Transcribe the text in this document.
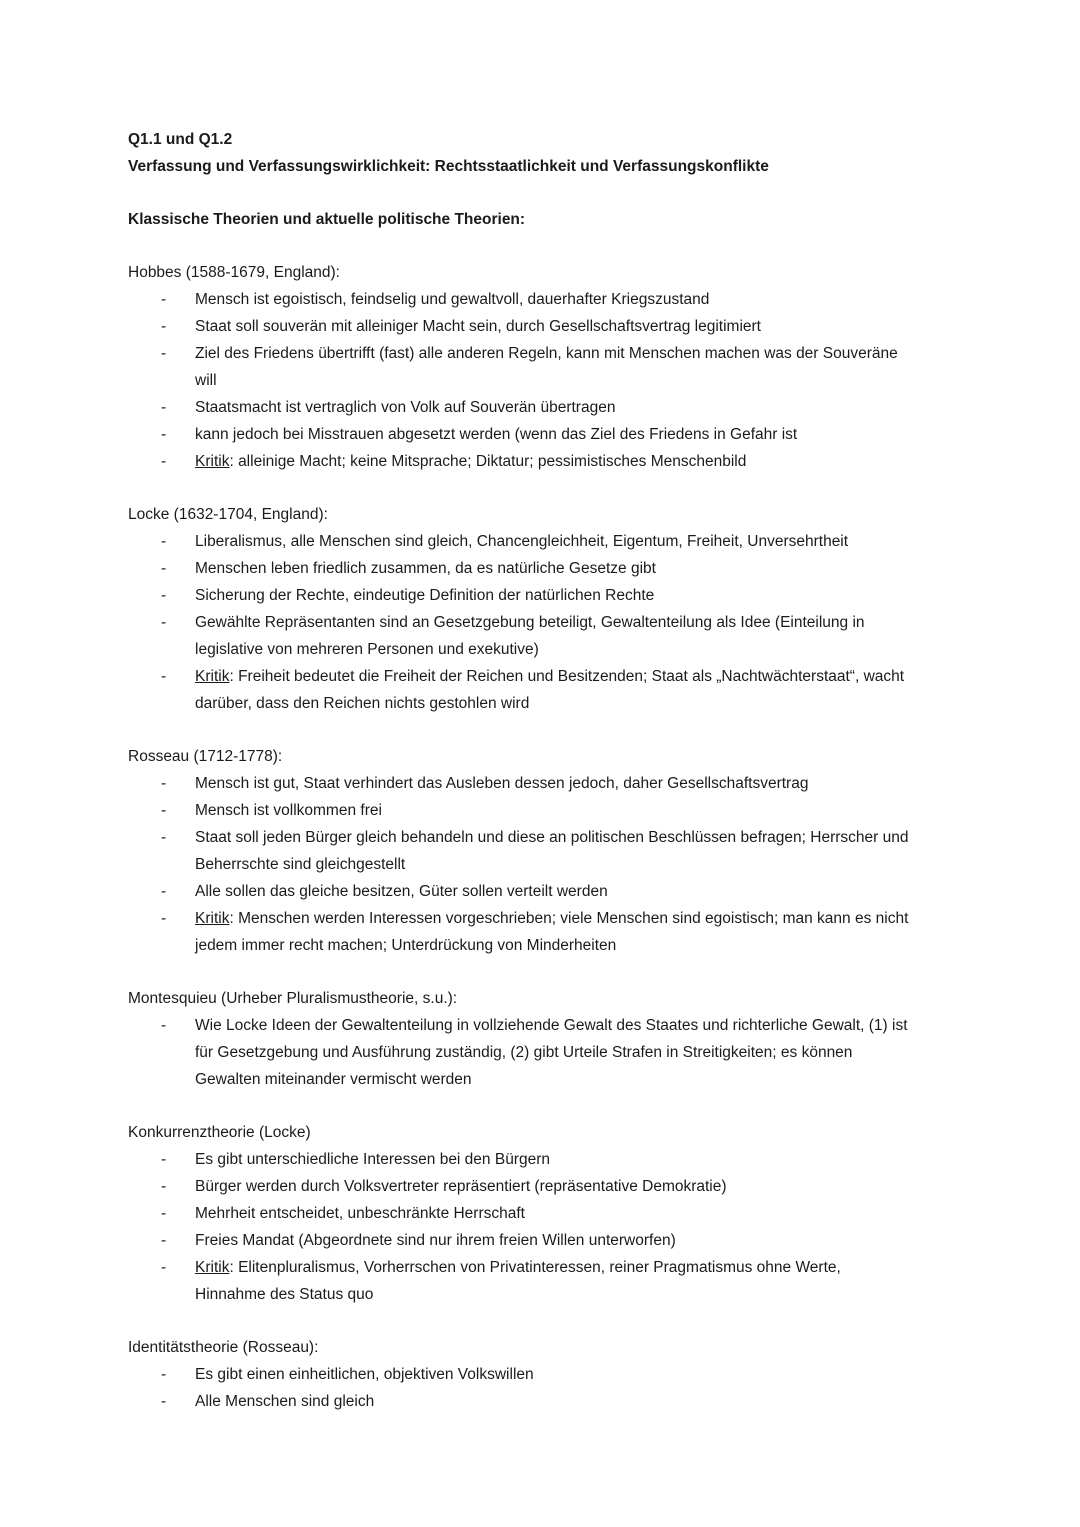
Q1.1 und Q1.2
Verfassung und Verfassungswirklichkeit: Rechtsstaatlichkeit und Verfassungskonflikte
Klassische Theorien und aktuelle politische Theorien:
Hobbes (1588-1679, England):
- Mensch ist egoistisch, feindselig und gewaltvoll, dauerhafter Kriegszustand
- Staat soll souverän mit alleiniger Macht sein, durch Gesellschaftsvertrag legitimiert
- Ziel des Friedens übertrifft (fast) alle anderen Regeln, kann mit Menschen machen was der Souveräne will
- Staatsmacht ist vertraglich von Volk auf Souverän übertragen
- kann jedoch bei Misstrauen abgesetzt werden (wenn das Ziel des Friedens in Gefahr ist
- Kritik: alleinige Macht; keine Mitsprache; Diktatur; pessimistisches Menschenbild
Locke (1632-1704, England):
- Liberalismus, alle Menschen sind gleich, Chancengleichheit, Eigentum, Freiheit, Unversehrtheit
- Menschen leben friedlich zusammen, da es natürliche Gesetze gibt
- Sicherung der Rechte, eindeutige Definition der natürlichen Rechte
- Gewählte Repräsentanten sind an Gesetzgebung beteiligt, Gewaltenteilung als Idee (Einteilung in legislative von mehreren Personen und exekutive)
- Kritik: Freiheit bedeutet die Freiheit der Reichen und Besitzenden; Staat als „Nachtwächterstaat“, wacht darüber, dass den Reichen nichts gestohlen wird
Rosseau (1712-1778):
- Mensch ist gut, Staat verhindert das Ausleben dessen jedoch, daher Gesellschaftsvertrag
- Mensch ist vollkommen frei
- Staat soll jeden Bürger gleich behandeln und diese an politischen Beschlüssen befragen; Herrscher und Beherrschte sind gleichgestellt
- Alle sollen das gleiche besitzen, Güter sollen verteilt werden
- Kritik: Menschen werden Interessen vorgeschrieben; viele Menschen sind egoistisch; man kann es nicht jedem immer recht machen; Unterdrückung von Minderheiten
Montesquieu (Urheber Pluralismustheorie, s.u.):
- Wie Locke Ideen der Gewaltenteilung in vollziehende Gewalt des Staates und richterliche Gewalt, (1) ist für Gesetzgebung und Ausführung zuständig, (2) gibt Urteile Strafen in Streitigkeiten; es können Gewalten miteinander vermischt werden
Konkurrenztheorie (Locke)
- Es gibt unterschiedliche Interessen bei den Bürgern
- Bürger werden durch Volksvertreter repräsentiert (repräsentative Demokratie)
- Mehrheit entscheidet, unbeschränkte Herrschaft
- Freies Mandat (Abgeordnete sind nur ihrem freien Willen unterworfen)
- Kritik: Elitenpluralismus, Vorherrschen von Privatinteressen, reiner Pragmatismus ohne Werte, Hinnahme des Status quo
Identitätstheorie (Rosseau):
- Es gibt einen einheitlichen, objektiven Volkswillen
- Alle Menschen sind gleich
